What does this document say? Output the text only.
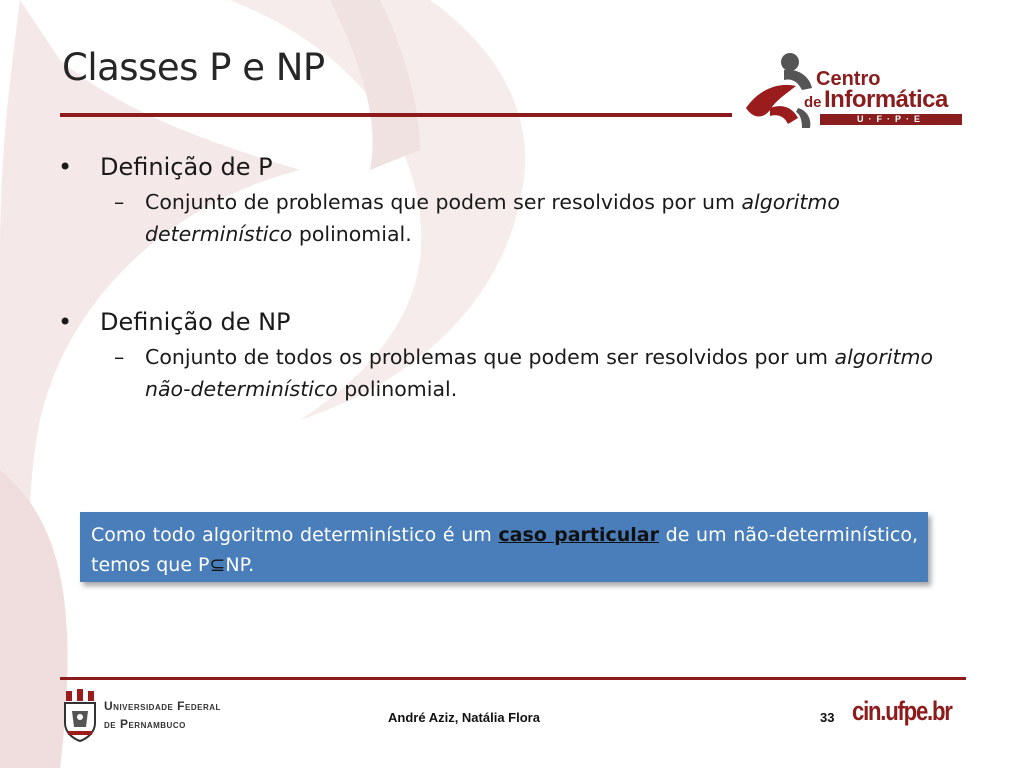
Classes P e NP	Centro
de Informática
U·F·P·E
• Definição de P
– Conjunto de problemas que podem ser resolvidos por um algoritmo determinístico polinomial.
• Definição de NP
– Conjunto de todos os problemas que podem ser resolvidos por um algoritmo não-determinístico polinomial.
Como todo algoritmo determinístico é um caso particular de um não-determinístico, temos que P⊆NP.
Universidade Federal
de Pernambuco	André Aziz, Natália Flora	33 cin.ufpe.br
